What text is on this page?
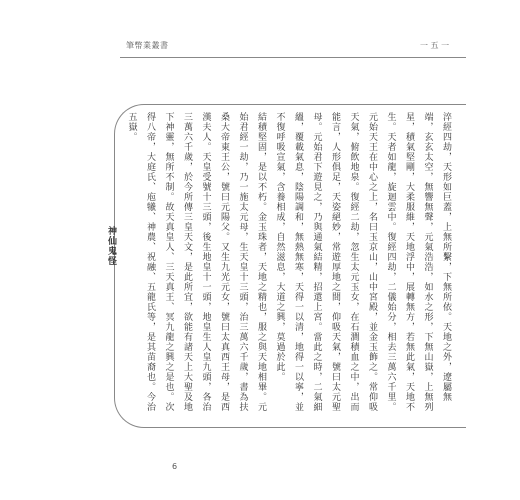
筆幣業叢書	一 五 一
神仙鬼怪	淬經四劫，天形如巨蓋，上無所繫，下無所依。天地之外，遼屬無端，玄玄太空，無響無聲，元氣浩浩，如水之形，下無山嶽，上無列星，積氣堅剛，大柔服維，天地浮中，展轉無方，若無此氣，天地不生。天者如龍，旋迴雲中。復經四劫，二儀始分，相去三萬六千里。元始天王在中心之上，名曰玉京山，山中宮殿，並金玉飾之。常仰吸天氣，俯飲地泉。復經二劫，忽生太元玉女，在石澗積血之中，出而能言，人形俱足，天姿絕妙，常遊厚地之間，仰吸天氣，號曰太元聖母。元始君下遊見之，乃與通氣結精，招還上宮。當此之時，二氣細縕，覆載氣息，陰陽調和，無熱無寒，天得一以清，地得一以寧，並不復呼吸宣氣，含養相成，自然滋息，大道之興，莫過於此。

結積堅固，是以不朽。金玉珠者，天地之精也，服之與天地相畢。元始君經一劫，乃一施太元母，生天皇十三頭，治三萬六千歲，書為扶桑大帝東王公，號曰元陽父。又生九光元女，號曰太真西王母，是西漢夫人。天皇受號十三頭，後生地皇十一頭，地皇生人皇九頭，各治三萬六千歲，於今所傳三皇天文，是此所宜，欲能有諸天上大聖及地下神靈，無所不制。故天真皇人、三天真王、冥九龍之興之是也。次得八帝，大庭氏、庖犧、神農、祝融、五龍氏等，是其苗裔也。今治五嶽。

6
